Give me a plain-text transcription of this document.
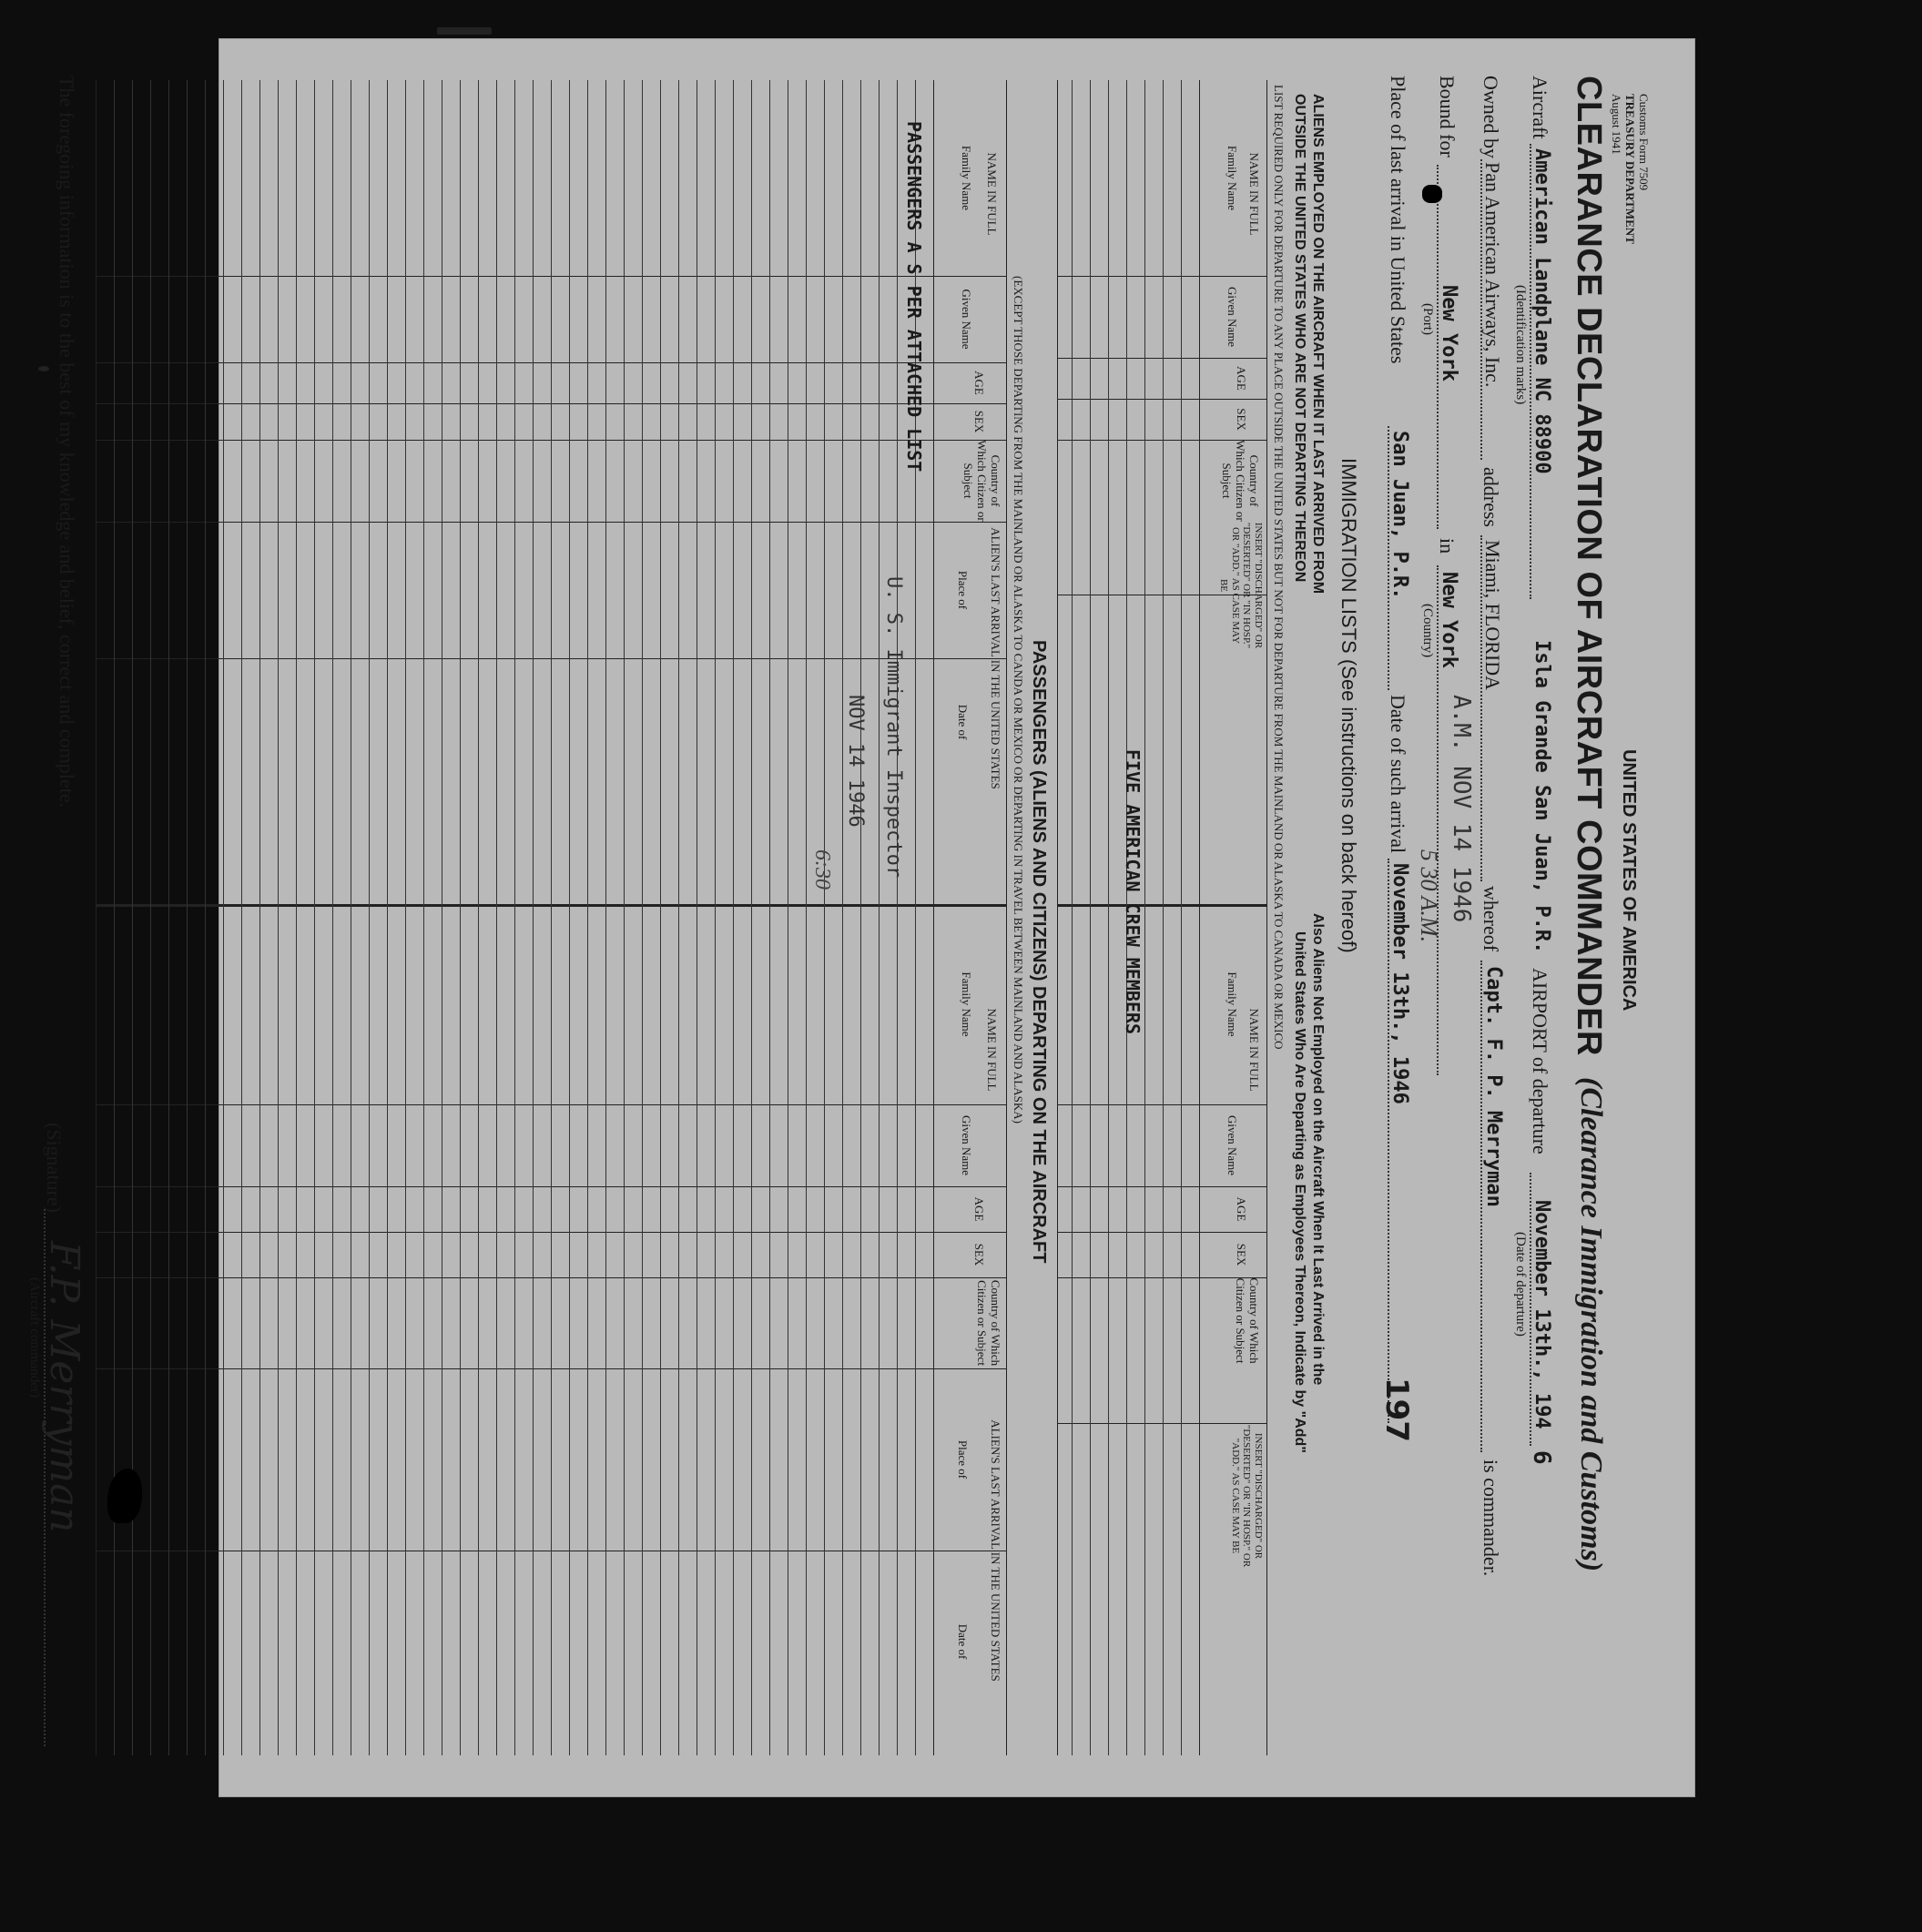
Customs Form 7509
TREASURY DEPARTMENT
August 1941
UNITED STATES OF AMERICA
CLEARANCE DECLARATION OF AIRCRAFT COMMANDER
(Clearance Immigration and Customs)
Aircraft
American Landplane NC 88900
(Identification marks)
Isla Grande San Juan, P.R.
AIRPORT of departure
November 13th., 194
6
(Date of departure)
Owned by
Pan American Airways, Inc.
address
Miami, FLORIDA
whereof
Capt. F. P. Merryman
is commander.
Bound for
New York
(Port)
in
New York
(Country)
A.M. NOV 14 1946
5 30 A.M.
Place of last arrival in United States
San Juan, P.R.
Date of such arrival
November 13th., 1946
197
IMMIGRATION LISTS (See instructions on back hereof)
ALIENS EMPLOYED ON THE AIRCRAFT WHEN IT LAST ARRIVED FROM
OUTSIDE THE UNITED STATES WHO ARE NOT DEPARTING THEREON
Also Aliens Not Employed on the Aircraft When It Last Arrived in the
United States Who Are Departing as Employees Thereon, Indicate by "Add"
LIST REQUIRED ONLY FOR DEPARTURE TO ANY PLACE OUTSIDE THE UNITED STATES BUT NOT FOR DEPARTURE FROM THE MAINLAND OR ALASKA TO CANADA OR MEXICO
NAME IN FULL
Family Name
Given Name
AGE
SEX
Country of Which Citizen or Subject
INSERT "DISCHARGED" OR "DESERTED" OR "IN HOSP." OR "ADD." AS CASE MAY BE
NAME IN FULL
Family Name
Given Name
AGE
SEX
Country of Which Citizen or Subject
INSERT "DISCHARGED" OR "DESERTED" OR "IN HOSP." OR "ADD." AS CASE MAY BE
FIVE AMERICAN CREW MEMBERS
PASSENGERS (ALIENS AND CITIZENS) DEPARTING ON THE AIRCRAFT
(EXCEPT THOSE DEPARTING FROM THE MAINLAND OR ALASKA TO CANDA OR MEXICO OR DEPARTING IN TRAVEL BETWEEN MAINLAND AND ALASKA)
NAME IN FULL
Family Name
Given Name
AGE
SEX
Country of Which Citizen or Subject
ALIEN'S LAST ARRIVAL IN THE UNITED STATES
Place of
Date of
NAME IN FULL
Family Name
Given Name
AGE
SEX
Country of Which Citizen or Subject
ALIEN'S LAST ARRIVAL IN THE UNITED STATES
Place of
Date of
PASSENGERS A S PER ATTACHED LIST
U. S. Immigrant Inspector
NOV 14 1946
6:30
The foregoing information is to the best of my knowledge and belief, correct and complete.
(Signature)
F.P. Merryman
(Aircraft commander)
